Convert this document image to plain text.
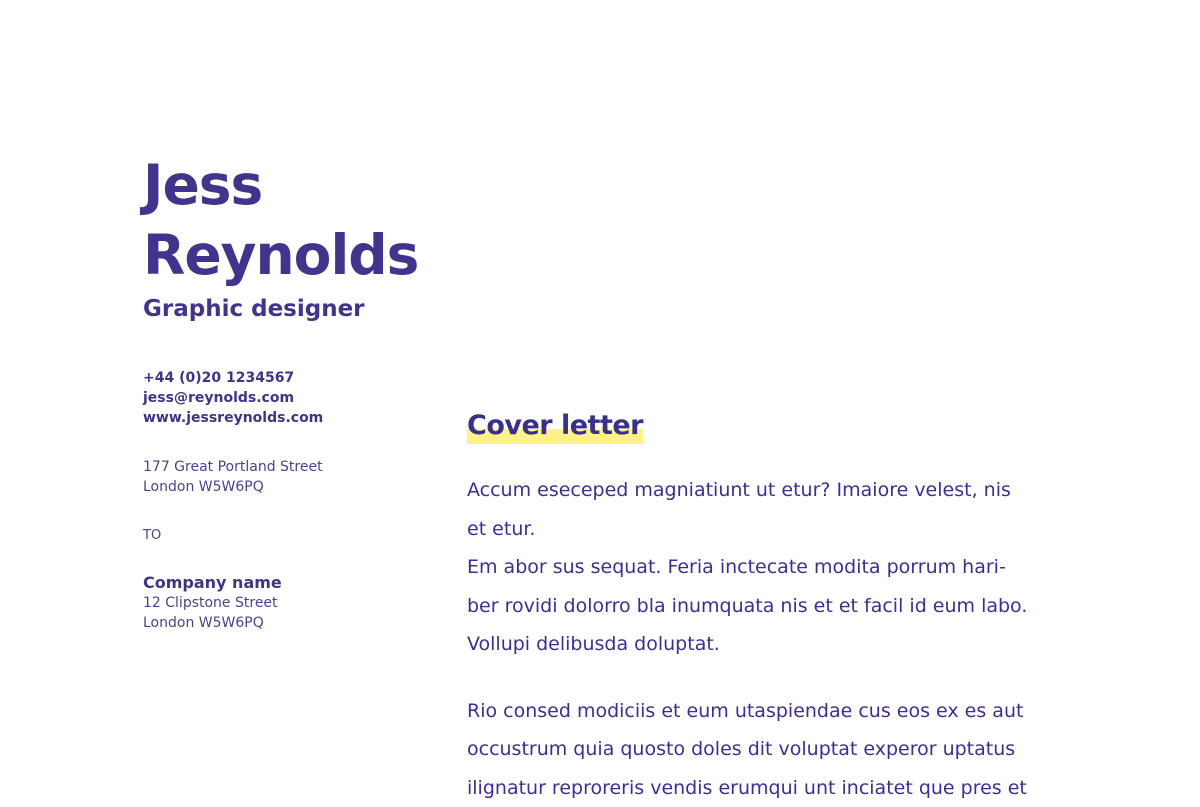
Jess
Reynolds
Graphic designer
+44 (0)20 1234567
jess@reynolds.com
www.jessreynolds.com
177 Great Portland Street
London W5W6PQ
TO
Company name
12 Clipstone Street
London W5W6PQ
Cover letter
Accum eseceped magniatiunt ut etur? Imaiore velest, nis
et etur.
Em abor sus sequat. Feria inctecate modita porrum hari-
ber rovidi dolorro bla inumquata nis et et facil id eum labo.
Vollupi delibusda doluptat.
Rio consed modiciis et eum utaspiendae cus eos ex es aut
occustrum quia quosto doles dit voluptat experor uptatus
ilignatur reproreris vendis erumqui unt inciatet que pres et
